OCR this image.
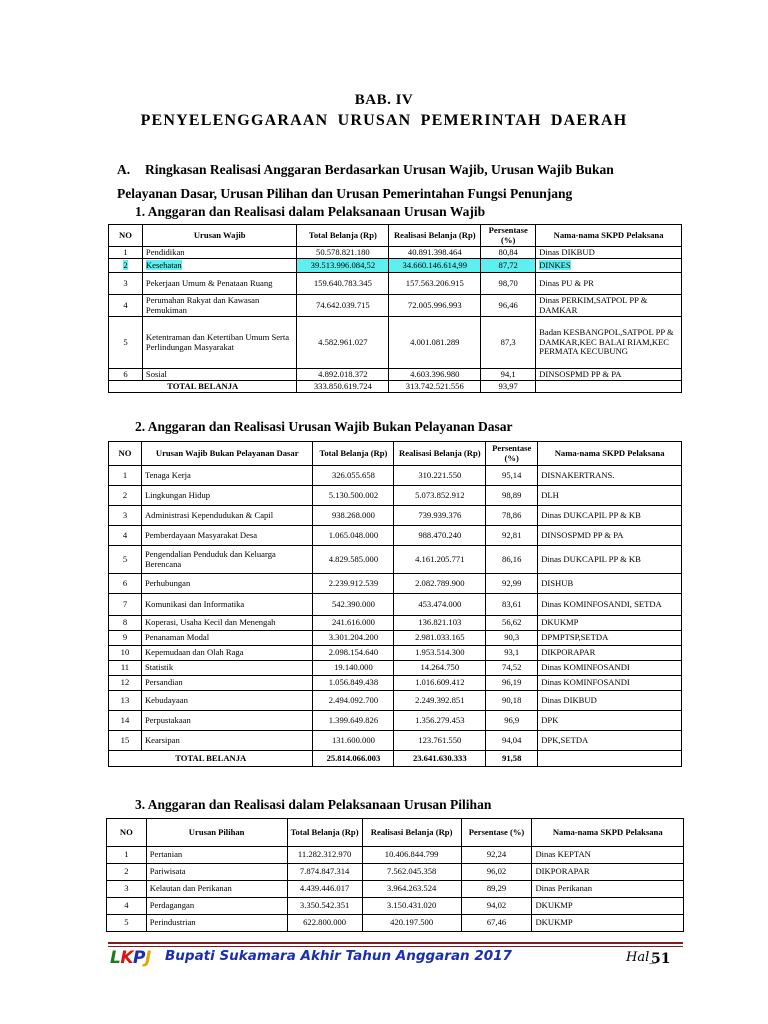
BAB. IV
PENYELENGGARAAN URUSAN PEMERINTAH DAERAH
A. Ringkasan Realisasi Anggaran Berdasarkan Urusan Wajib, Urusan Wajib Bukan
Pelayanan Dasar, Urusan Pilihan dan Urusan Pemerintahan Fungsi Penunjang
1. Anggaran dan Realisasi dalam Pelaksanaan Urusan Wajib
NO	Urusan Wajib	Total Belanja (Rp)	Realisasi Belanja (Rp)	Persentase (%)	Nama-nama SKPD Pelaksana
1	Pendidikan	50.578.821.180	40.891.398.464	80,84	Dinas DIKBUD
2	Kesehatan	39.513.996.084,52	34.660.146.614,99	87,72	DINKES
3	Pekerjaan Umum & Penataan Ruang	159.640.783.345	157.563.206.915	98,70	Dinas PU & PR
4	Perumahan Rakyat dan Kawasan Pemukiman	74.642.039.715	72.005.996.993	96,46	Dinas PERKIM,SATPOL PP & DAMKAR
5	Ketentraman dan Ketertiban Umum Serta Perlindungan Masyarakat	4.582.961.027	4.001.081.289	87,3	Badan KESBANGPOL,SATPOL PP & DAMKAR,KEC BALAI RIAM,KEC PERMATA KECUBUNG
6	Sosial	4.892.018.372	4.603.396.980	94,1	DINSOSPMD PP & PA
TOTAL BELANJA		333.850.619.724	313.742.521.556	93,97	
2. Anggaran dan Realisasi Urusan Wajib Bukan Pelayanan Dasar
NO	Urusan Wajib Bukan Pelayanan Dasar	Total Belanja (Rp)	Realisasi Belanja (Rp)	Persentase (%)	Nama-nama SKPD Pelaksana
1	Tenaga Kerja	326.055.658	310.221.550	95,14	DISNAKERTRANS.
2	Lingkungan Hidup	5.130.500.002	5.073.852.912	98,89	DLH
3	Administrasi Kependudukan & Capil	938.268.000	739.939.376	78,86	Dinas DUKCAPIL PP & KB
4	Pemberdayaan Masyarakat Desa	1.065.048.000	988.470.240	92,81	DINSOSPMD PP & PA
5	Pengendalian Penduduk dan Keluarga Berencana	4.829.585.000	4.161.205.771	86,16	Dinas DUKCAPIL PP & KB
6	Perhubungan	2.239.912.539	2.082.789.900	92,99	DISHUB
7	Komunikasi dan Informatika	542.390.000	453.474.000	83,61	Dinas KOMINFOSANDI, SETDA
8	Koperasi, Usaha Kecil dan Menengah	241.616.000	136.821.103	56,62	DKUKMP
9	Penanaman Modal	3.301.204.200	2.981.033.165	90,3	DPMPTSP,SETDA
10	Kepemudaan dan Olah Raga	2.098.154.640	1.953.514.300	93,1	DIKPORAPAR
11	Statistik	19.140.000	14.264.750	74,52	Dinas KOMINFOSANDI
12	Persandian	1.056.849.438	1.016.609.412	96,19	Dinas KOMINFOSANDI
13	Kebudayaan	2.494.092.700	2.249.392.851	90,18	Dinas DIKBUD
14	Perpustakaan	1.399.649.826	1.356.279.453	96,9	DPK
15	Kearsipan	131.600.000	123.761.550	94,04	DPK,SETDA
TOTAL BELANJA		25.814.066.003	23.641.630.333	91,58	
3. Anggaran dan Realisasi dalam Pelaksanaan Urusan Pilihan
NO	Urusan Pilihan	Total Belanja (Rp)	Realisasi Belanja (Rp)	Persentase (%)	Nama-nama SKPD Pelaksana
1	Pertanian	11.282.312.970	10.406.844.799	92,24	Dinas KEPTAN
2	Pariwisata	7.874.847.314	7.562.045.358	96,02	DIKPORAPAR
3	Kelautan dan Perikanan	4.439.446.017	3.964.263.524	89,29	Dinas Perikanan
4	Perdagangan	3.350.542.351	3.150.431.020	94,02	DKUKMP
5	Perindustrian	622.800.000	420.197.500	67,46	DKUKMP
LKPJ Bupati Sukamara Akhir Tahun Anggaran 2017	Hal_
51
